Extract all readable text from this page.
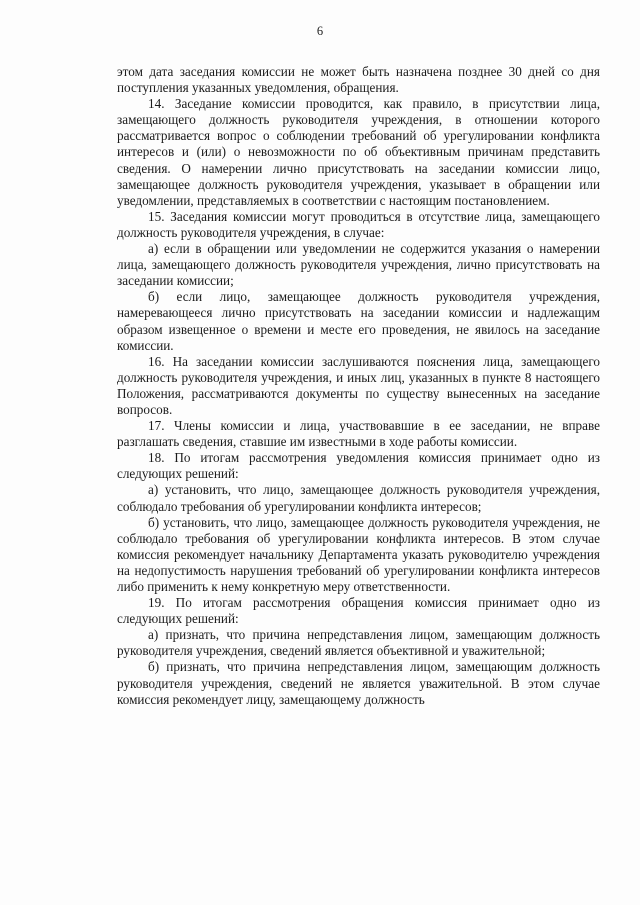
6

этом дата заседания комиссии не может быть назначена позднее 30 дней со дня поступления указанных уведомления, обращения.

14. Заседание комиссии проводится, как правило, в присутствии лица, замещающего должность руководителя учреждения, в отношении которого рассматривается вопрос о соблюдении требований об урегулировании конфликта интересов и (или) о невозможности по об объективным причинам представить сведения. О намерении лично присутствовать на заседании комиссии лицо, замещающее должность руководителя учреждения, указывает в обращении или уведомлении, представляемых в соответствии с настоящим постановлением.

15. Заседания комиссии могут проводиться в отсутствие лица, замещающего должность руководителя учреждения, в случае:

а) если в обращении или уведомлении не содержится указания о намерении лица, замещающего должность руководителя учреждения, лично присутствовать на заседании комиссии;

б) если лицо, замещающее должность руководителя учреждения, намеревающееся лично присутствовать на заседании комиссии и надлежащим образом извещенное о времени и месте его проведения, не явилось на заседание комиссии.

16. На заседании комиссии заслушиваются пояснения лица, замещающего должность руководителя учреждения, и иных лиц, указанных в пункте 8 настоящего Положения, рассматриваются документы по существу вынесенных на заседание вопросов.

17. Члены комиссии и лица, участвовавшие в ее заседании, не вправе разглашать сведения, ставшие им известными в ходе работы комиссии.

18. По итогам рассмотрения уведомления комиссия принимает одно из следующих решений:

а) установить, что лицо, замещающее должность руководителя учреждения, соблюдало требования об урегулировании конфликта интересов;

б) установить, что лицо, замещающее должность руководителя учреждения, не соблюдало требования об урегулировании конфликта интересов. В этом случае комиссия рекомендует начальнику Департамента указать руководителю учреждения на недопустимость нарушения требований об урегулировании конфликта интересов либо применить к нему конкретную меру ответственности.

19. По итогам рассмотрения обращения комиссия принимает одно из следующих решений:

а) признать, что причина непредставления лицом, замещающим должность руководителя учреждения, сведений является объективной и уважительной;

б) признать, что причина непредставления лицом, замещающим должность руководителя учреждения, сведений не является уважительной. В этом случае комиссия рекомендует лицу, замещающему должность
